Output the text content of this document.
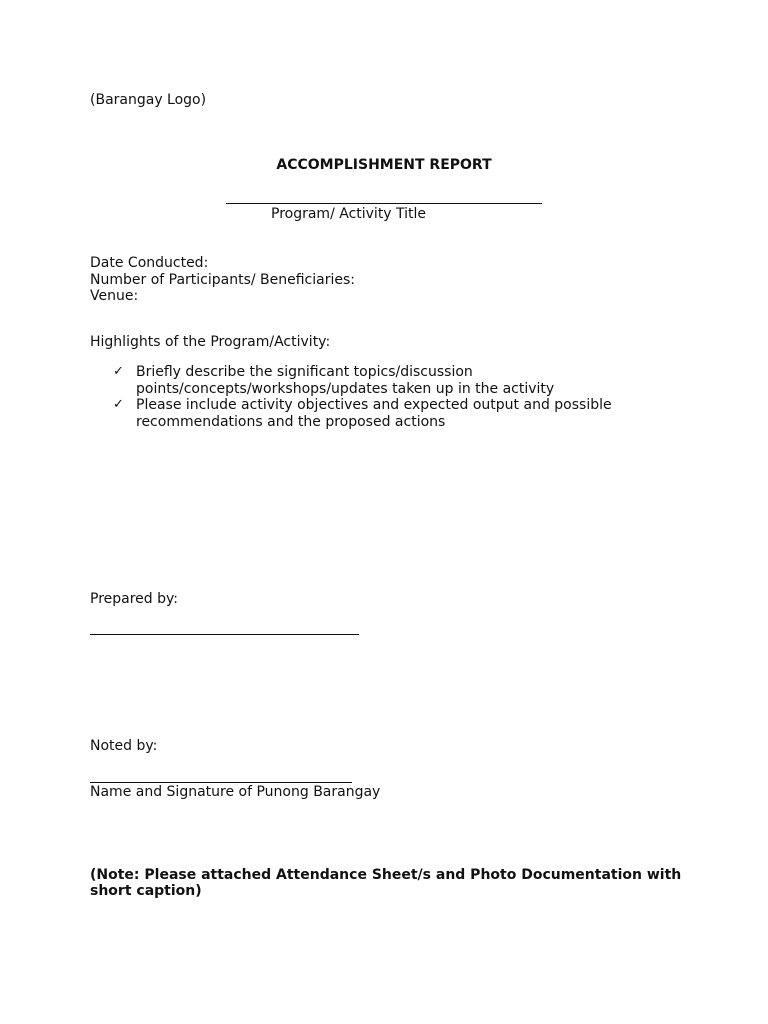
(Barangay Logo)
ACCOMPLISHMENT REPORT
Program/ Activity Title
Date Conducted:
Number of Participants/ Beneficiaries:
Venue:
Highlights of the Program/Activity:
✓ Briefly describe the significant topics/discussion
points/concepts/workshops/updates taken up in the activity
✓ Please include activity objectives and expected output and possible
recommendations and the proposed actions
Prepared by:
Noted by:
Name and Signature of Punong Barangay
(Note: Please attached Attendance Sheet/s and Photo Documentation with
short caption)
